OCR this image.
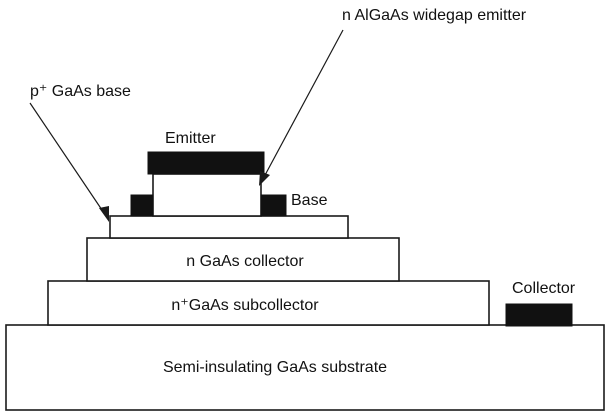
Semi-insulating GaAs substrate
n⁺GaAs subcollector
n GaAs collector
Emitter
Base
Collector
p⁺ GaAs base
n AlGaAs widegap emitter
